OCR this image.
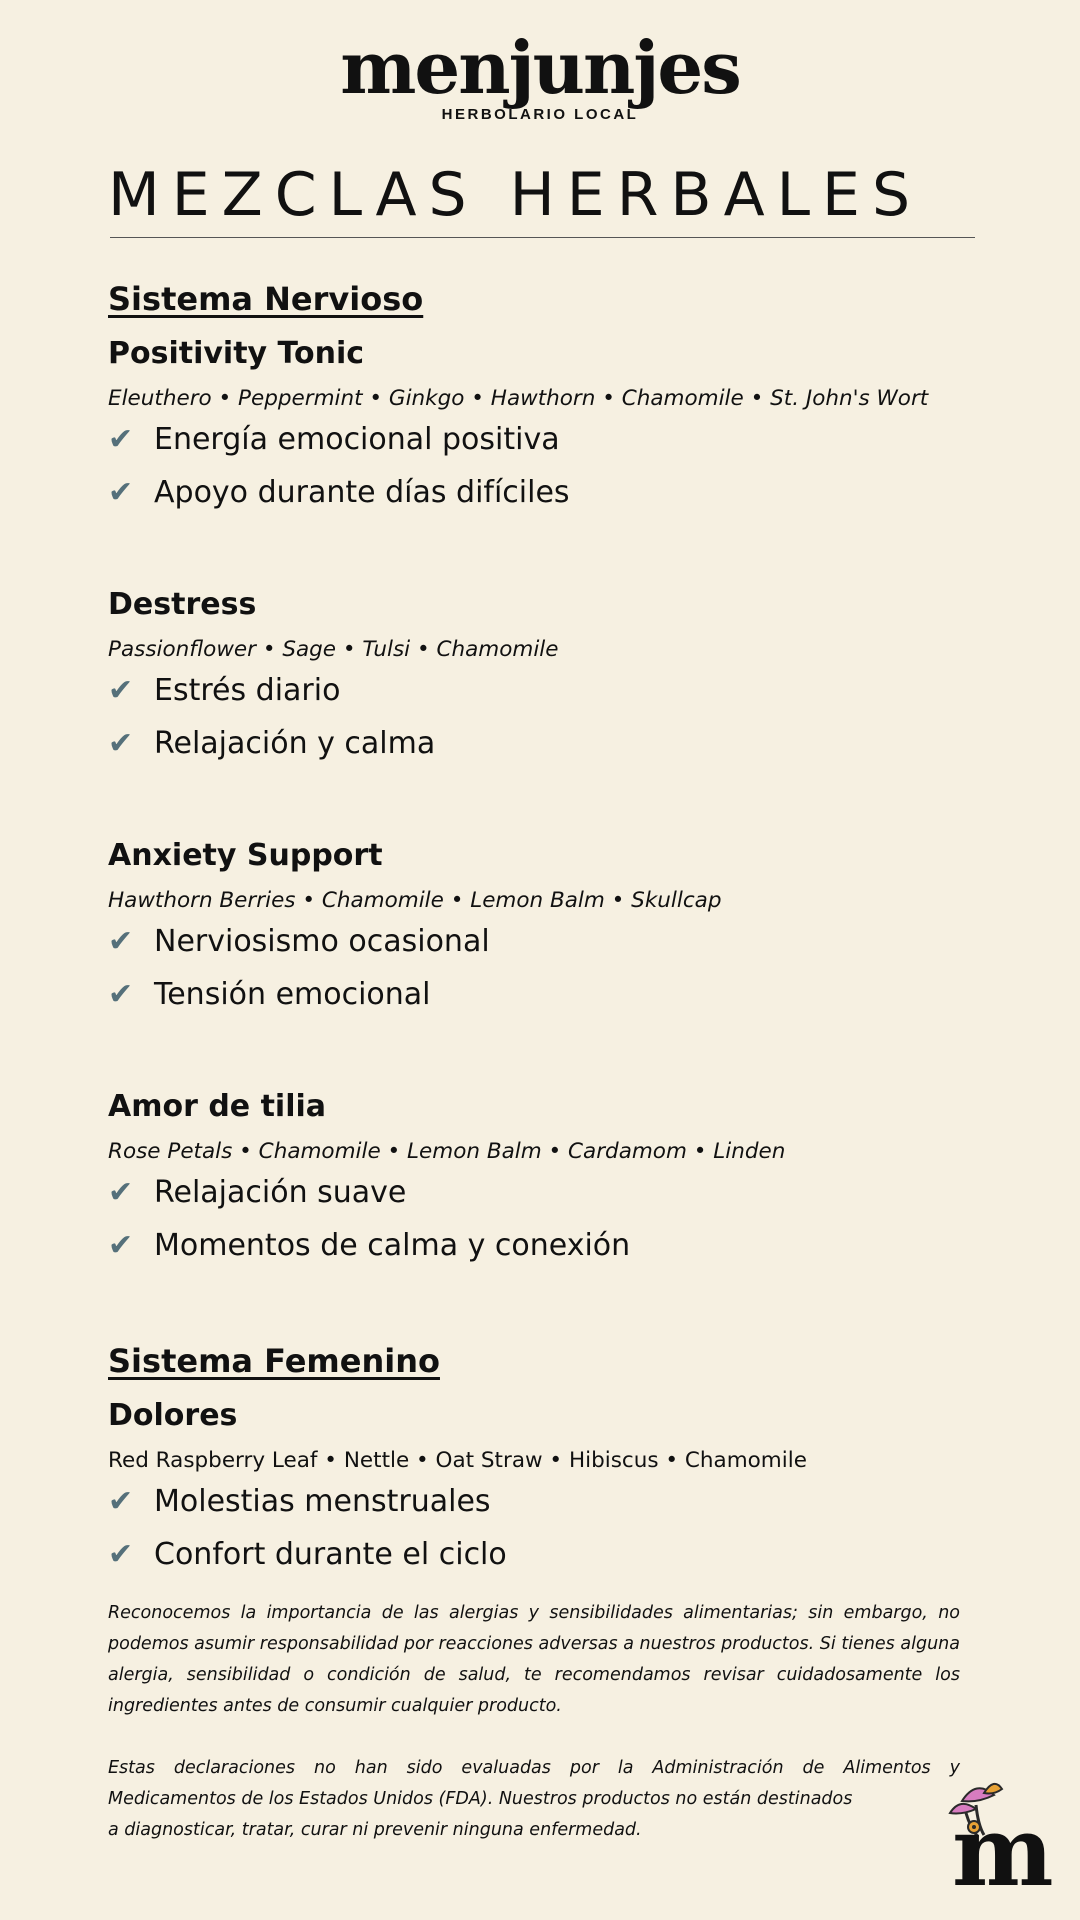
menjunjes
HERBOLARIO LOCAL
MEZCLAS HERBALES
Sistema Nervioso
Positivity Tonic

Eleuthero • Peppermint • Ginkgo • Hawthorn • Chamomile • St. John's Wort

✔ Energía emocional positiva

✔ Apoyo durante días difíciles

Destress

Passionflower • Sage • Tulsi • Chamomile

✔ Estrés diario

✔ Relajación y calma

Anxiety Support

Hawthorn Berries • Chamomile • Lemon Balm • Skullcap

✔ Nerviosismo ocasional

✔ Tensión emocional

Amor de tilia

Rose Petals • Chamomile • Lemon Balm • Cardamom • Linden

✔ Relajación suave

✔ Momentos de calma y conexión

Sistema Femenino
Dolores

Red Raspberry Leaf • Nettle • Oat Straw • Hibiscus • Chamomile

✔ Molestias menstruales

✔ Confort durante el ciclo

Reconocemos la importancia de las alergias y sensibilidades alimentarias; sin embargo, no podemos asumir responsabilidad por reacciones adversas a nuestros productos. Si tienes alguna alergia, sensibilidad o condición de salud, te recomendamos revisar cuidadosamente los ingredientes antes de consumir cualquier producto.

Estas declaraciones no han sido evaluadas por la Administración de Alimentos y
Medicamentos de los Estados Unidos (FDA). Nuestros productos no están destinados
a diagnosticar, tratar, curar ni prevenir ninguna enfermedad.	m
